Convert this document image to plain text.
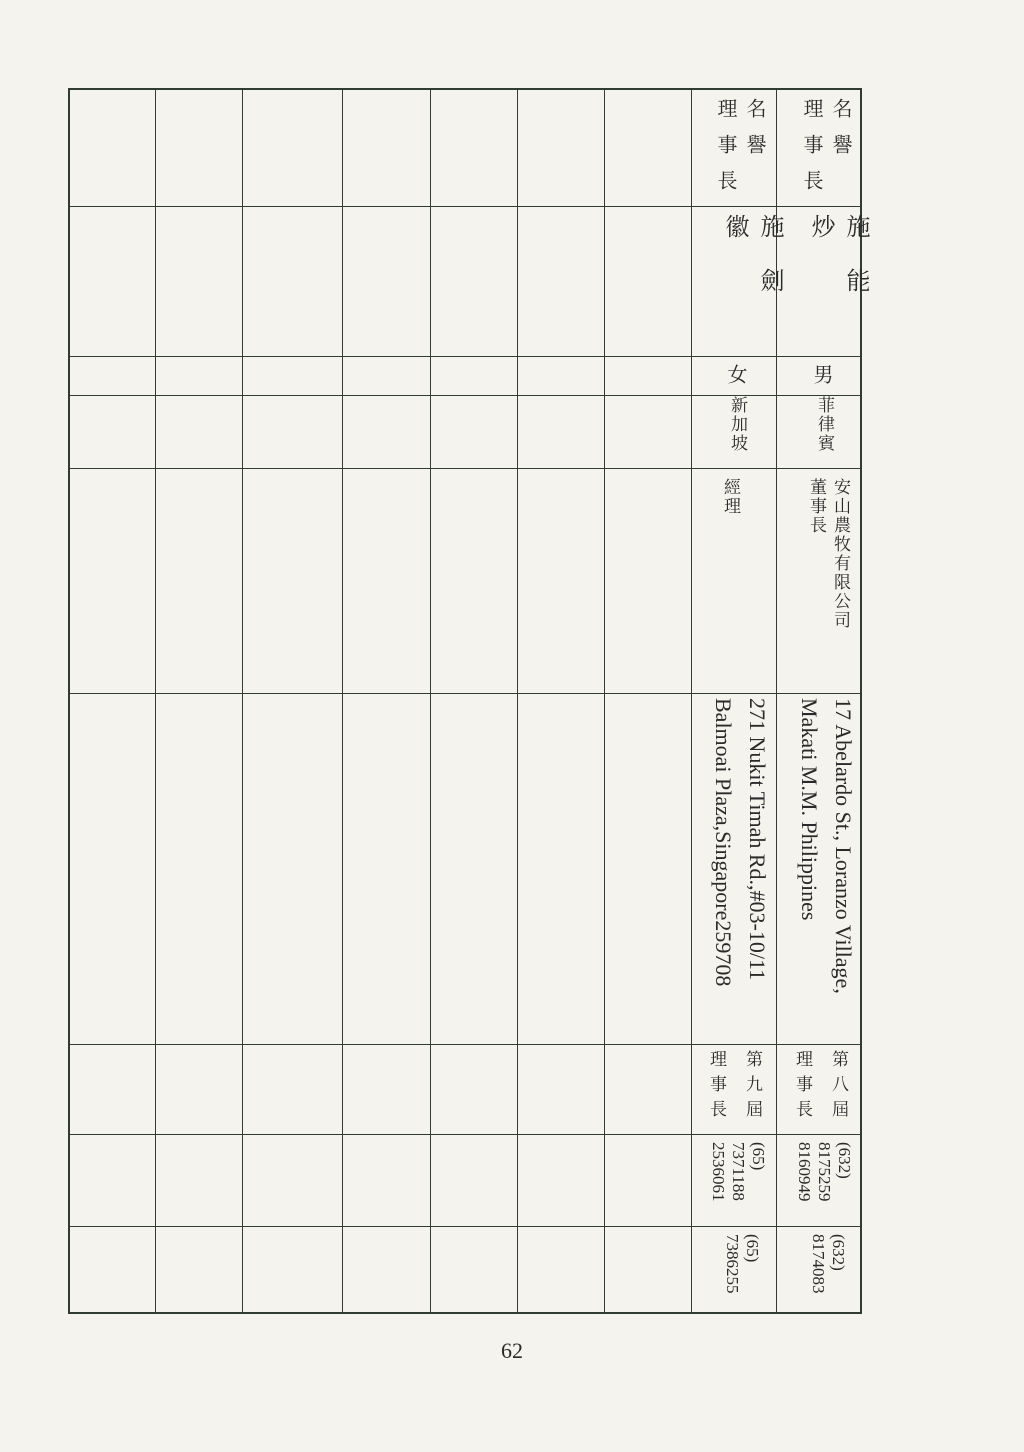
名譽
理事長
施能炒
男
菲律賓
安山農牧有限公司
董事長
17 Abelardo St., Loranzo Village,
Makati M.M. Philippines
第八屆
理事長
(632)
8175259
8160949
(632)
8174083
名譽
理事長
施劍徽
女
新加坡

經理
271 Nukit Timah Rd.,#03-10/11
Balmoai Plaza,Singapore259708
第九屆
理事長
(65)
7371188
2536061
(65)
7386255
62
